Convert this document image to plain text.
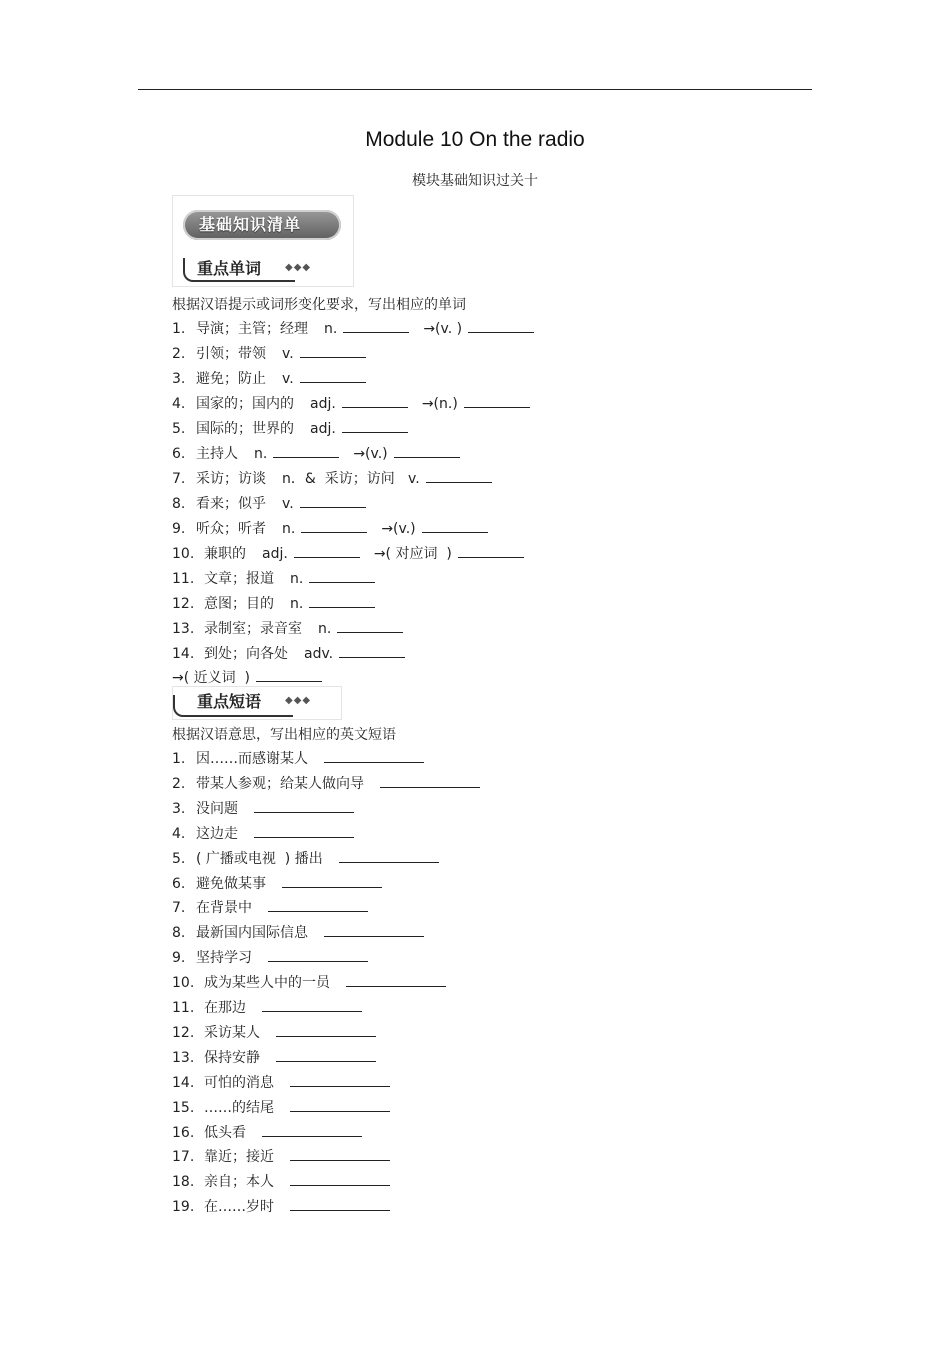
Module 10 On the radio
模块基础知识过关十
基础知识清单
重点单词 ◆◆◆
根据汉语提示或词形变化要求，写出相应的单词
1. 导演；主管；经理 n.	→(v. )
2. 引领；带领 v.
3. 避免；防止 v.
4. 国家的；国内的 adj.	→(n.)
5. 国际的；世界的 adj.
6. 主持人 n.	→(v.)
7. 采访；访谈 n．&  采访；访问   v.
8. 看来；似乎 v.
9. 听众；听者 n.	→(v.)
10. 兼职的 adj.	→( 对应词  )
11. 文章；报道 n.
12. 意图；目的 n.
13. 录制室；录音室 n.
14. 到处；向各处 adv.
→( 近义词  )
重点短语 ◆◆◆
根据汉语意思，写出相应的英文短语
1. 因……而感谢某人
2. 带某人参观；给某人做向导
3. 没问题
4. 这边走
5. ( 广播或电视  ) 播出
6. 避免做某事
7. 在背景中
8. 最新国内国际信息
9. 坚持学习
10. 成为某些人中的一员
11. 在那边
12. 采访某人
13. 保持安静
14. 可怕的消息
15. ……的结尾
16. 低头看
17. 靠近；接近
18. 亲自；本人
19. 在……岁时
